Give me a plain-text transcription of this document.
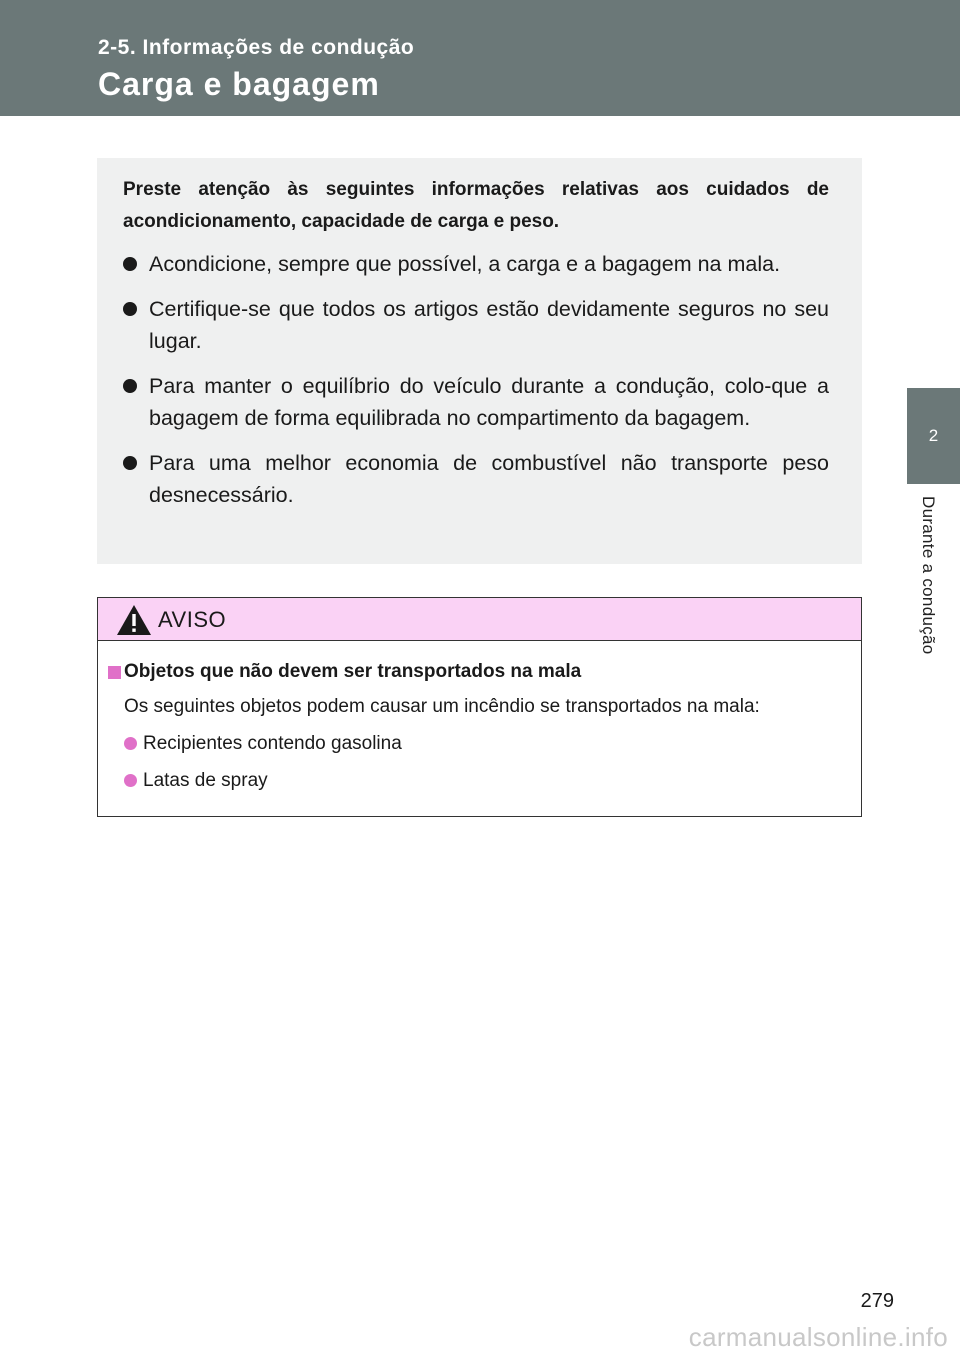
2-5. Informações de condução
Carga e bagagem
2
Durante a condução

Preste atenção às seguintes informações relativas aos cuidados de acondicionamento, capacidade de carga e peso.

Acondicione, sempre que possível, a carga e a bagagem na mala.
Certifique-se que todos os artigos estão devidamente seguros no seu lugar.
Para manter o equilíbrio do veículo durante a condução, colo-que a bagagem de forma equilibrada no compartimento da bagagem.
Para uma melhor economia de combustível não transporte peso desnecessário.
AVISO
Objetos que não devem ser transportados na mala
Os seguintes objetos podem causar um incêndio se transportados na mala:
Recipientes contendo gasolina
Latas de spray
279
carmanualsonline.info
